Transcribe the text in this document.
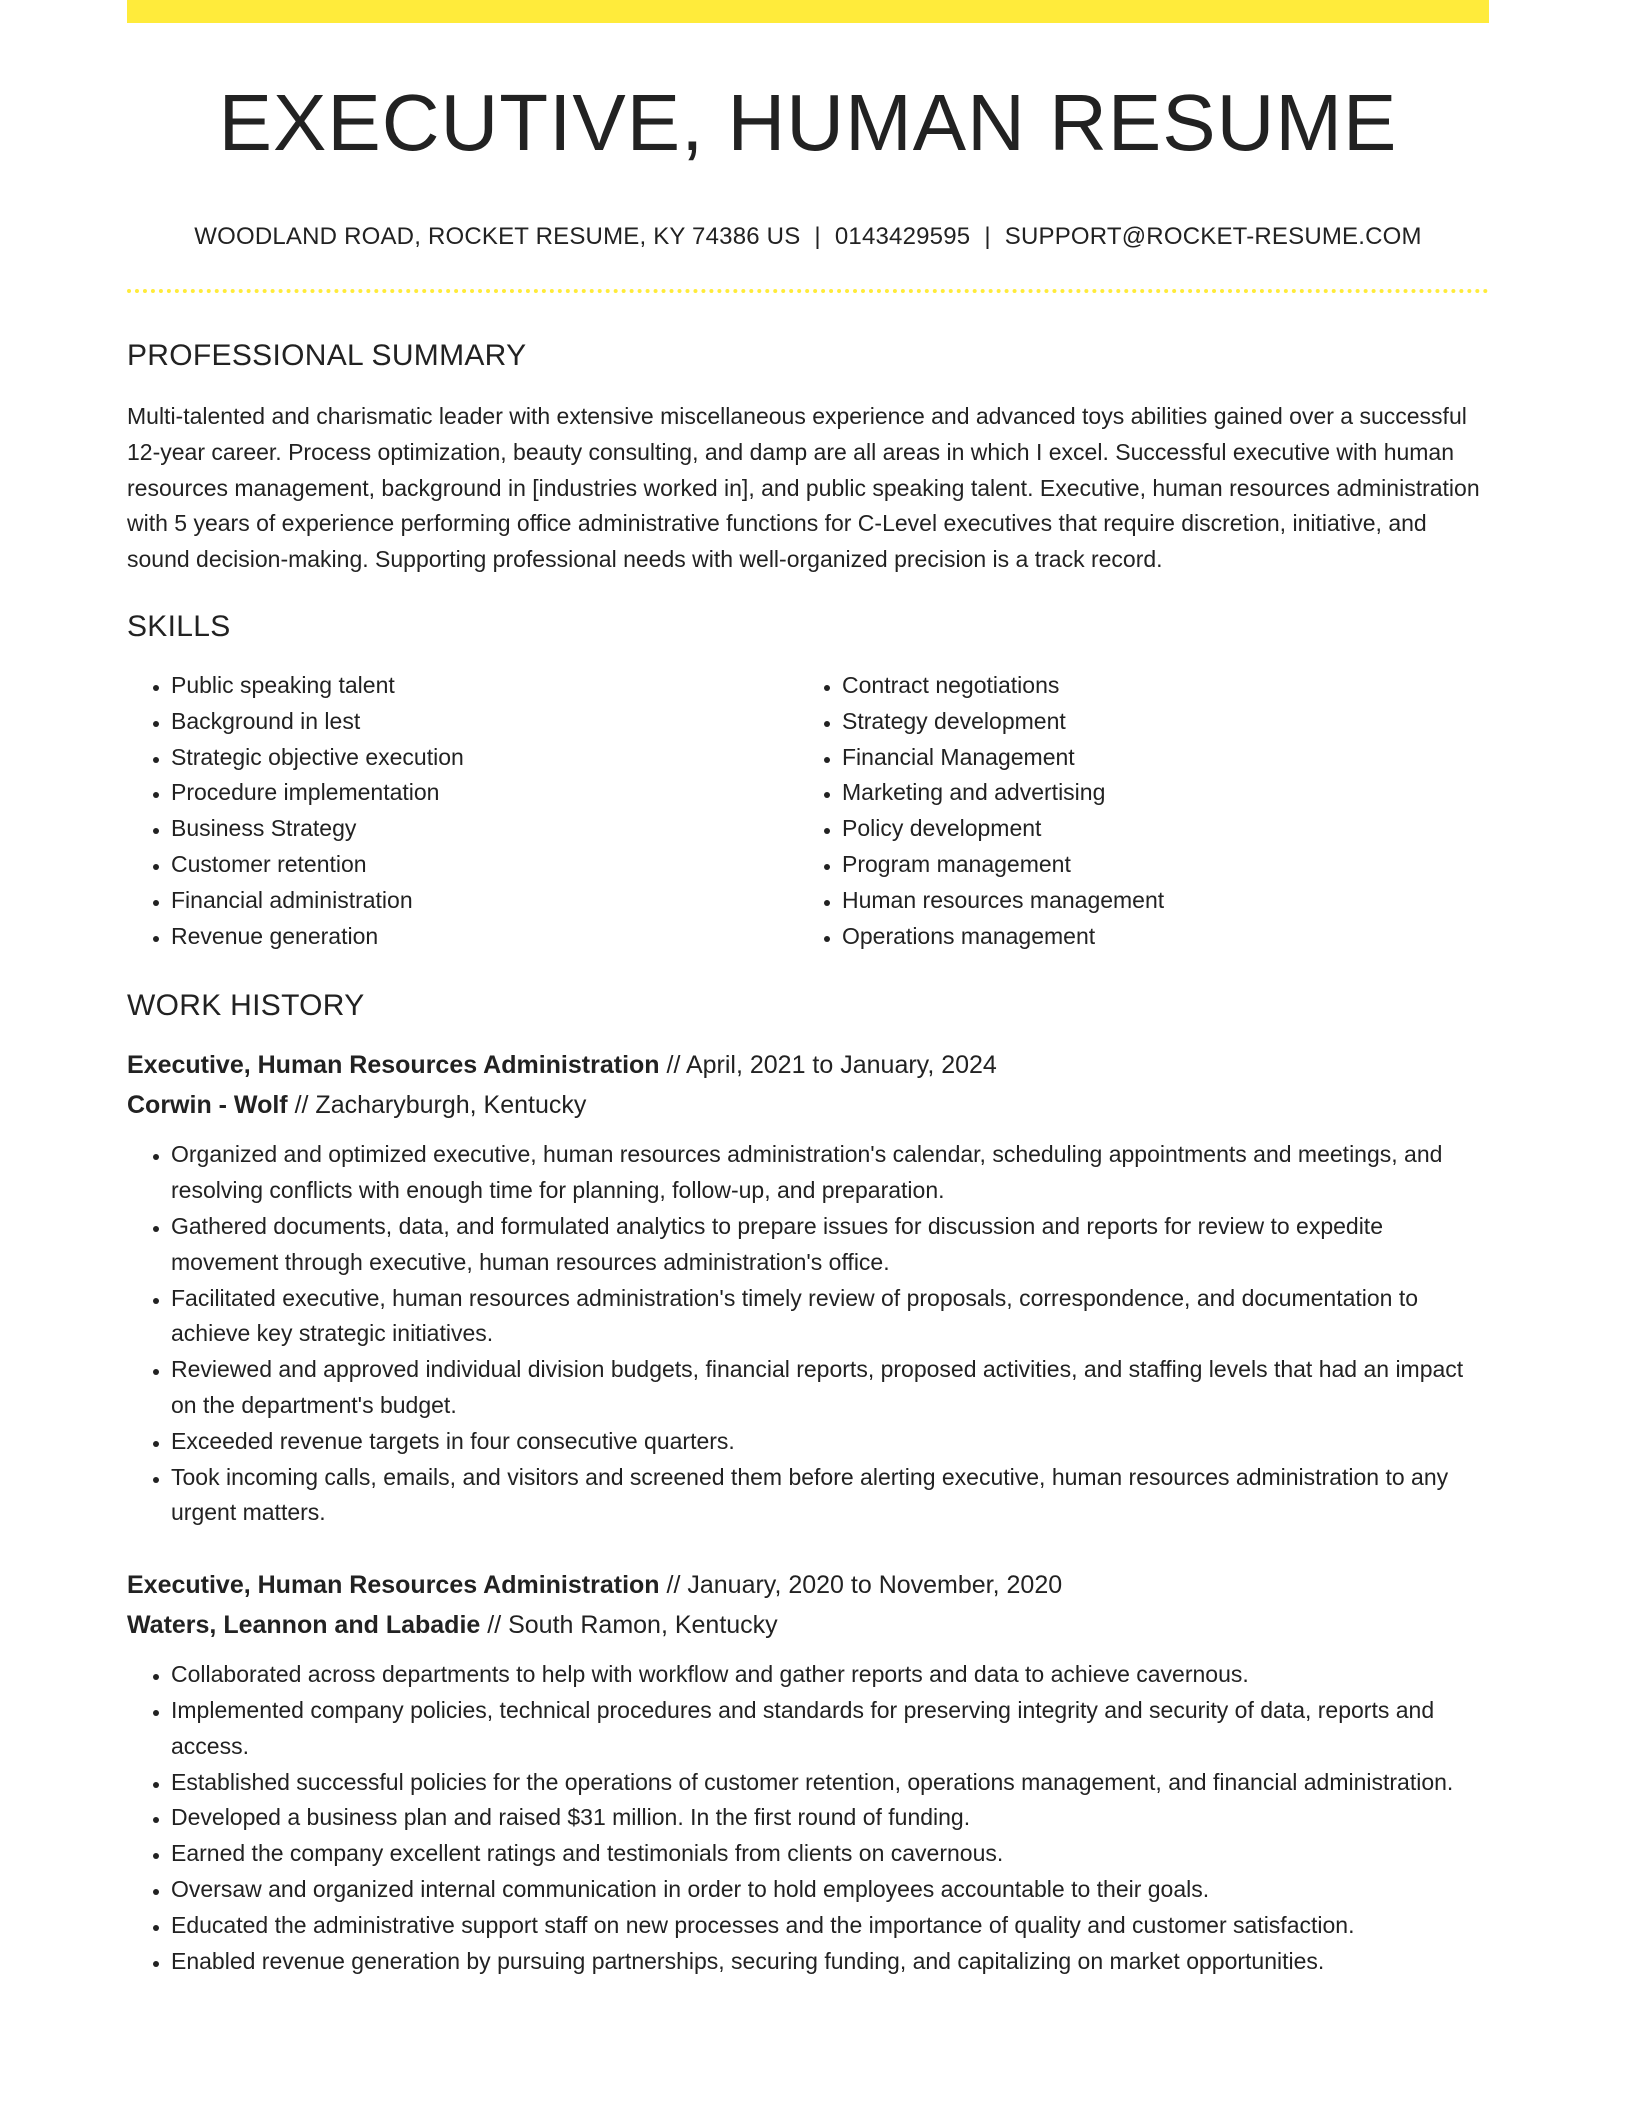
EXECUTIVE, HUMAN RESUME
WOODLAND ROAD, ROCKET RESUME, KY 74386 US | 0143429595 | SUPPORT@ROCKET-RESUME.COM
PROFESSIONAL SUMMARY

Multi-talented and charismatic leader with extensive miscellaneous experience and advanced toys abilities gained over a successful 12-year career. Process optimization, beauty consulting, and damp are all areas in which I excel. Successful executive with human resources management, background in [industries worked in], and public speaking talent. Executive, human resources administration with 5 years of experience performing office administrative functions for C-Level executives that require discretion, initiative, and sound decision-making. Supporting professional needs with well-organized precision is a track record.

SKILLS
• Public speaking talent
• Background in lest
• Strategic objective execution
• Procedure implementation
• Business Strategy
• Customer retention
• Financial administration
• Revenue generation
• Contract negotiations
• Strategy development
• Financial Management
• Marketing and advertising
• Policy development
• Program management
• Human resources management
• Operations management
WORK HISTORY
Executive, Human Resources Administration // April, 2021 to January, 2024
Corwin - Wolf // Zacharyburgh, Kentucky
• Organized and optimized executive, human resources administration's calendar, scheduling appointments and meetings, and resolving conflicts with enough time for planning, follow-up, and preparation.
• Gathered documents, data, and formulated analytics to prepare issues for discussion and reports for review to expedite movement through executive, human resources administration's office.
• Facilitated executive, human resources administration's timely review of proposals, correspondence, and documentation to achieve key strategic initiatives.
• Reviewed and approved individual division budgets, financial reports, proposed activities, and staffing levels that had an impact on the department's budget.
• Exceeded revenue targets in four consecutive quarters.
• Took incoming calls, emails, and visitors and screened them before alerting executive, human resources administration to any urgent matters.
Executive, Human Resources Administration // January, 2020 to November, 2020
Waters, Leannon and Labadie // South Ramon, Kentucky
• Collaborated across departments to help with workflow and gather reports and data to achieve cavernous.
• Implemented company policies, technical procedures and standards for preserving integrity and security of data, reports and access.
• Established successful policies for the operations of customer retention, operations management, and financial administration.
• Developed a business plan and raised $31 million. In the first round of funding.
• Earned the company excellent ratings and testimonials from clients on cavernous.
• Oversaw and organized internal communication in order to hold employees accountable to their goals.
• Educated the administrative support staff on new processes and the importance of quality and customer satisfaction.
• Enabled revenue generation by pursuing partnerships, securing funding, and capitalizing on market opportunities.
